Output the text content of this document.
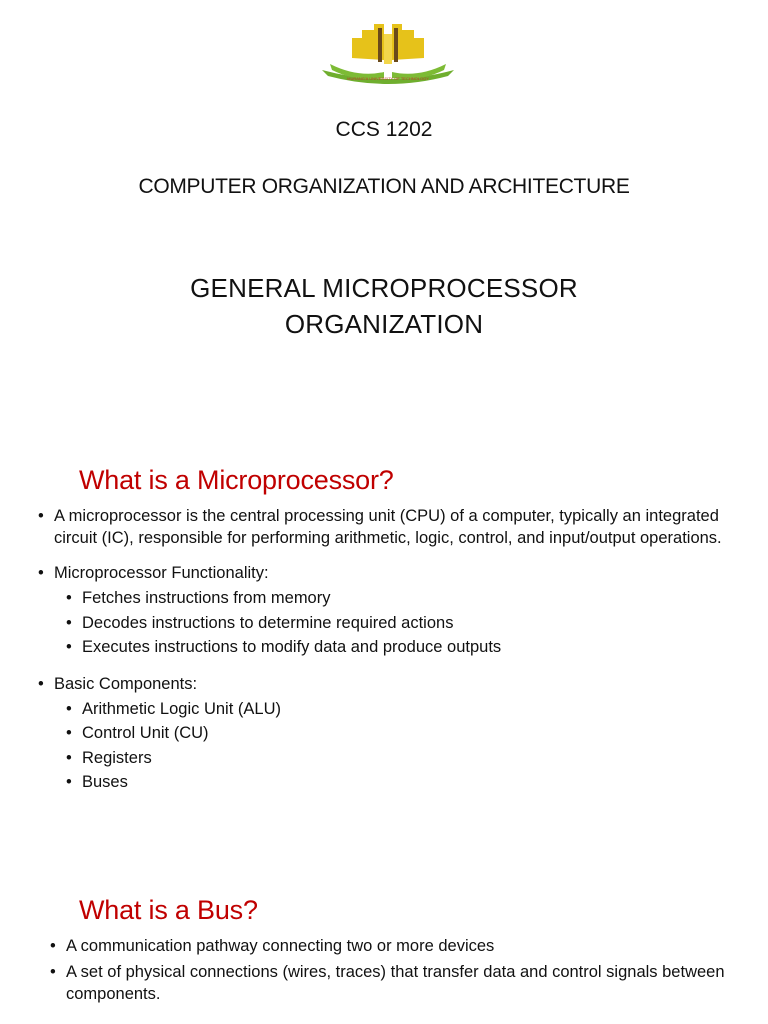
MURANG'A UNIVERSITY OF TECHNOLOGY
CCS 1202
COMPUTER ORGANIZATION AND ARCHITECTURE
GENERAL MICROPROCESSOR
ORGANIZATION
What is a Microprocessor?
• A microprocessor is the central processing unit (CPU) of a computer, typically an integrated circuit (IC), responsible for performing arithmetic, logic, control, and input/output operations.
• Microprocessor Functionality:
• Fetches instructions from memory
• Decodes instructions to determine required actions
• Executes instructions to modify data and produce outputs
• Basic Components:
• Arithmetic Logic Unit (ALU)
• Control Unit (CU)
• Registers
• Buses
What is a Bus?
• A communication pathway connecting two or more devices
• A set of physical connections (wires, traces) that transfer data and control signals between components.
